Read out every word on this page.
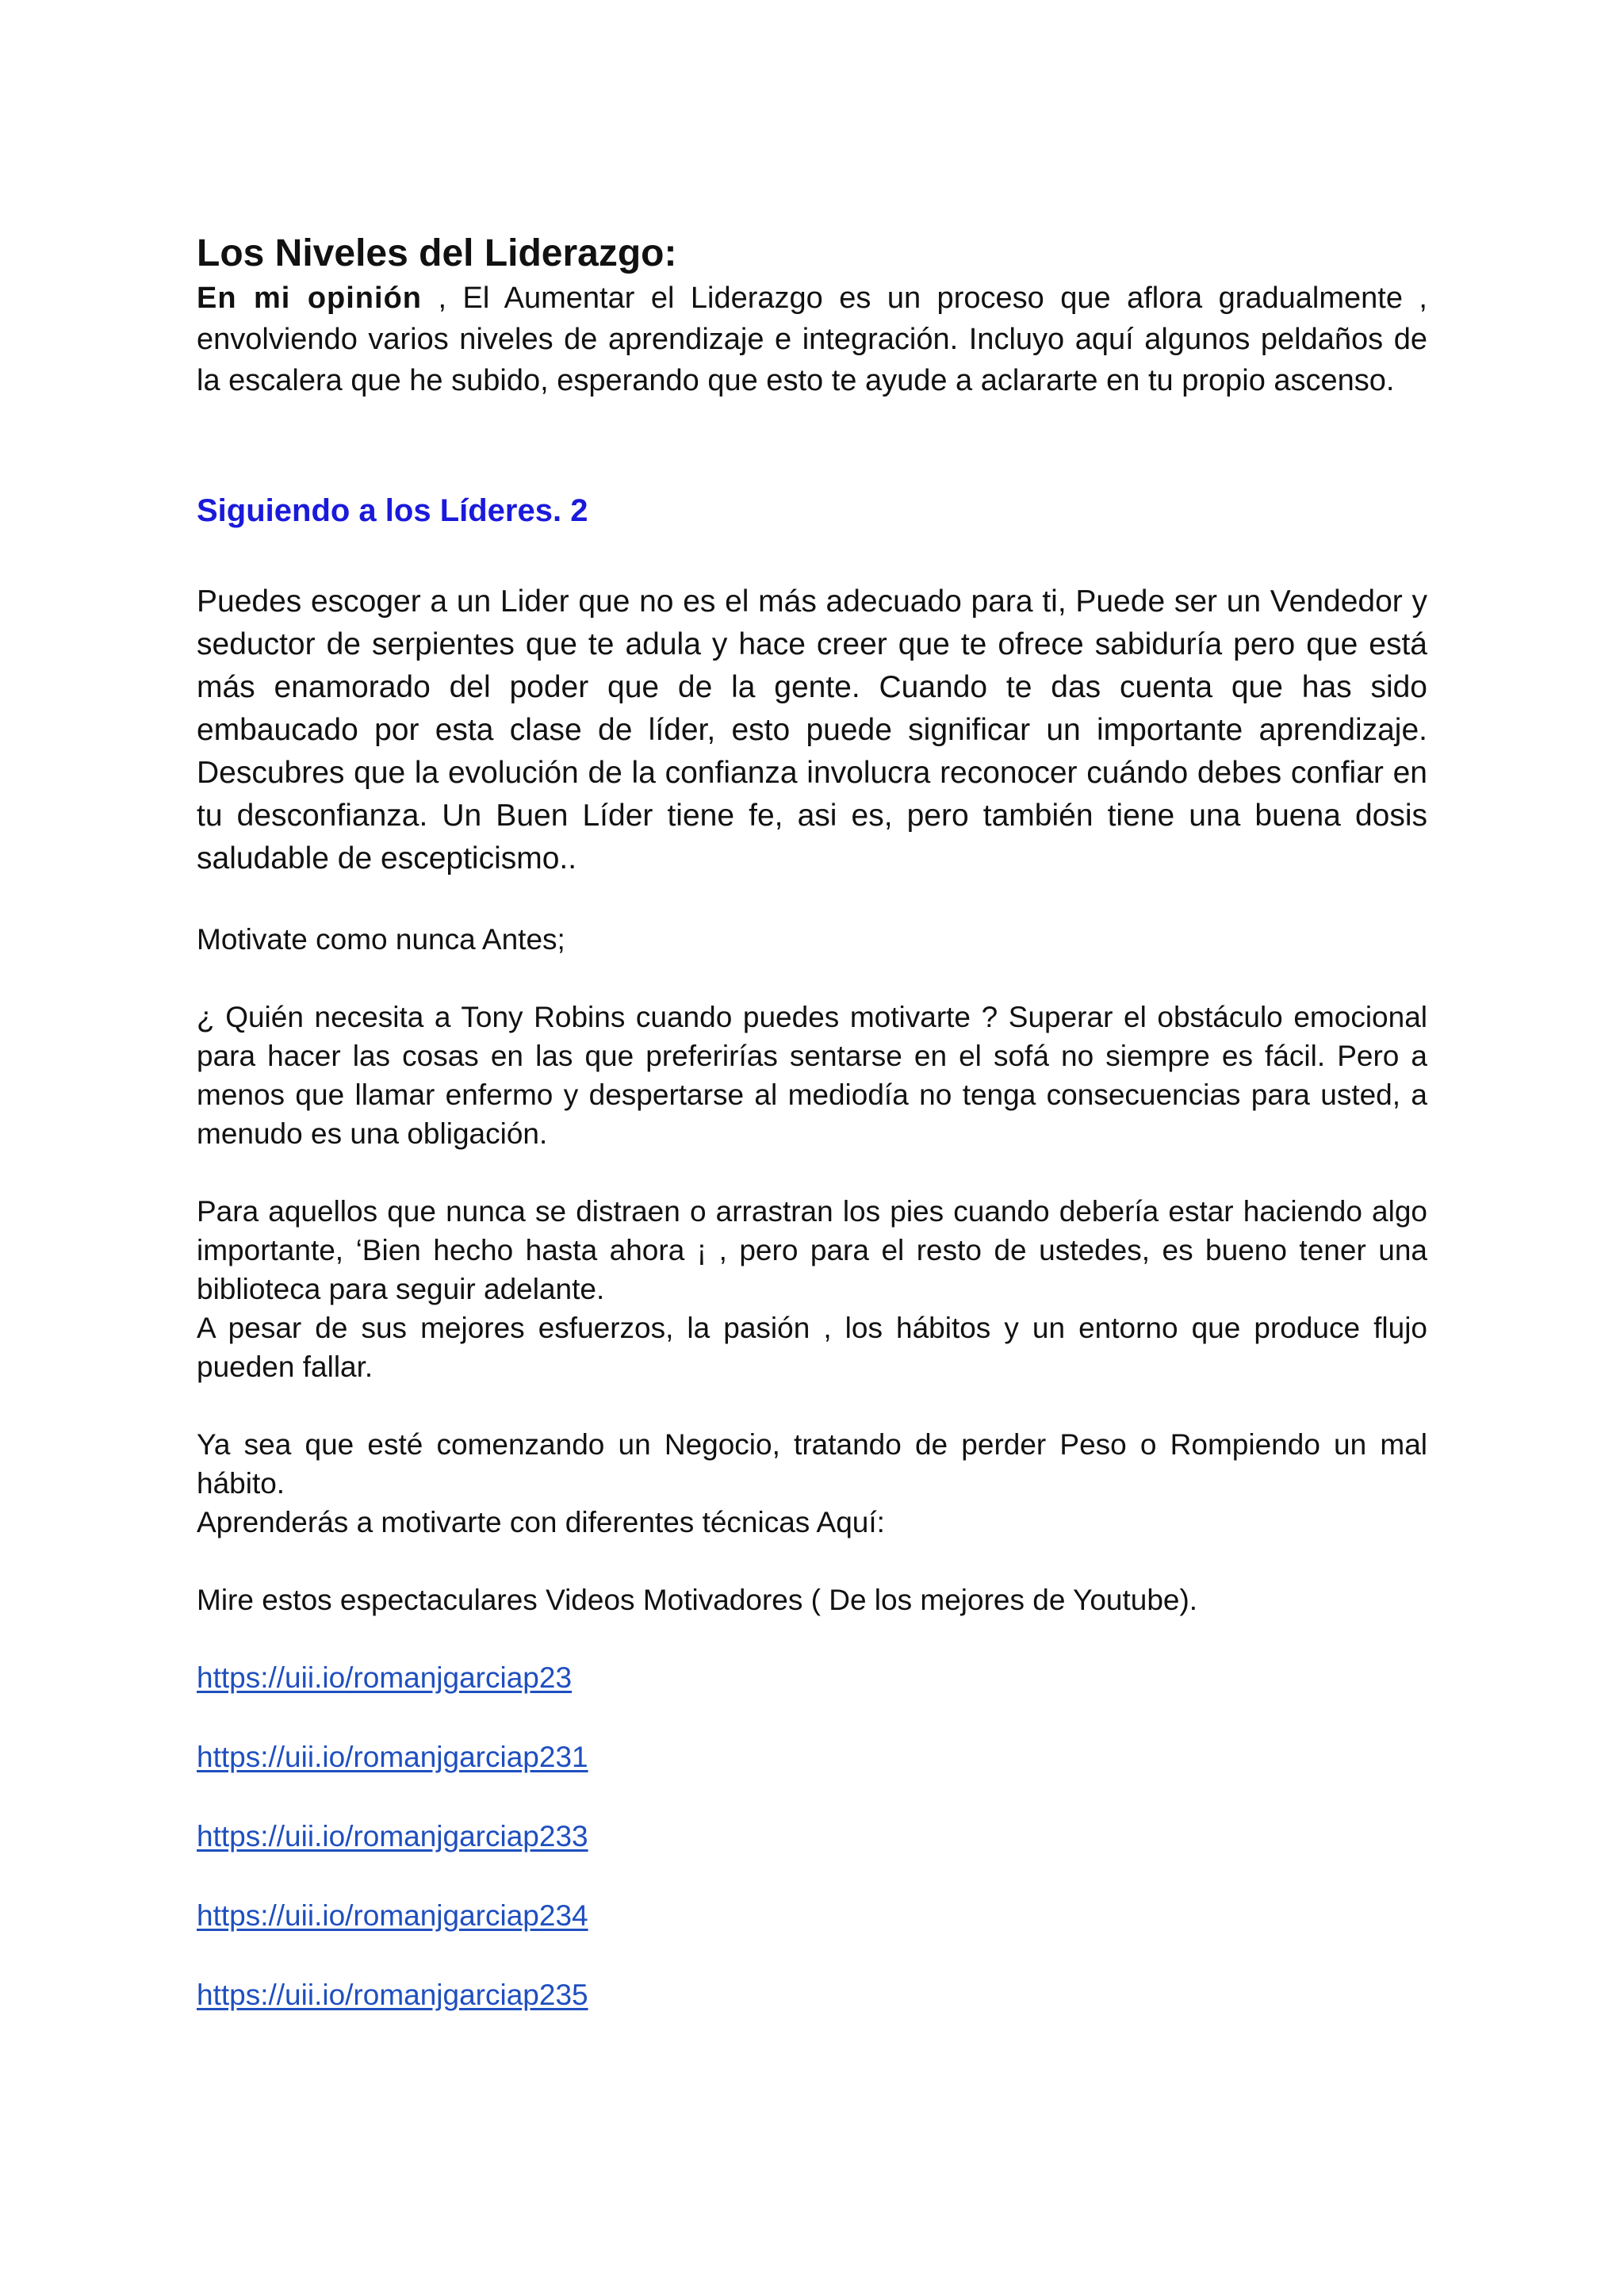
Los Niveles del Liderazgo:

En mi opinión , El Aumentar el Liderazgo es un proceso que aflora gradualmente , envolviendo varios niveles de aprendizaje e integración. Incluyo aquí algunos peldaños de la escalera que he subido, esperando que esto te ayude a aclararte en tu propio ascenso.

Siguiendo a los Líderes. 2

Puedes escoger a un Lider que no es el más adecuado para ti, Puede ser un Vendedor y seductor de serpientes que te adula y hace creer que te ofrece sabiduría pero que está más enamorado del poder que de la gente. Cuando te das cuenta que has sido embaucado por esta clase de líder, esto puede significar un importante aprendizaje. Descubres que la evolución de la confianza involucra reconocer cuándo debes confiar en tu desconfianza. Un Buen Líder tiene fe, asi es, pero también tiene una buena dosis saludable de escepticismo..

Motivate como nunca Antes;

¿ Quién necesita a Tony Robins cuando puedes motivarte ? Superar el obstáculo emocional para hacer las cosas en las que preferirías sentarse en el sofá no siempre es fácil. Pero a menos que llamar enfermo y despertarse al mediodía no tenga consecuencias para usted, a menudo es una obligación.

Para aquellos que nunca se distraen o arrastran los pies cuando debería estar haciendo algo importante, ‘Bien hecho hasta ahora ¡ , pero para el resto de ustedes, es bueno tener una biblioteca para seguir adelante.

A pesar de sus mejores esfuerzos, la pasión , los hábitos y un entorno que produce flujo pueden fallar.

Ya sea que esté comenzando un Negocio, tratando de perder Peso o Rompiendo un mal hábito.

Aprenderás a motivarte con diferentes técnicas Aquí:

Mire estos espectaculares Videos Motivadores ( De los mejores de Youtube).

https://uii.io/romanjgarciap23
https://uii.io/romanjgarciap231
https://uii.io/romanjgarciap233
https://uii.io/romanjgarciap234
https://uii.io/romanjgarciap235
